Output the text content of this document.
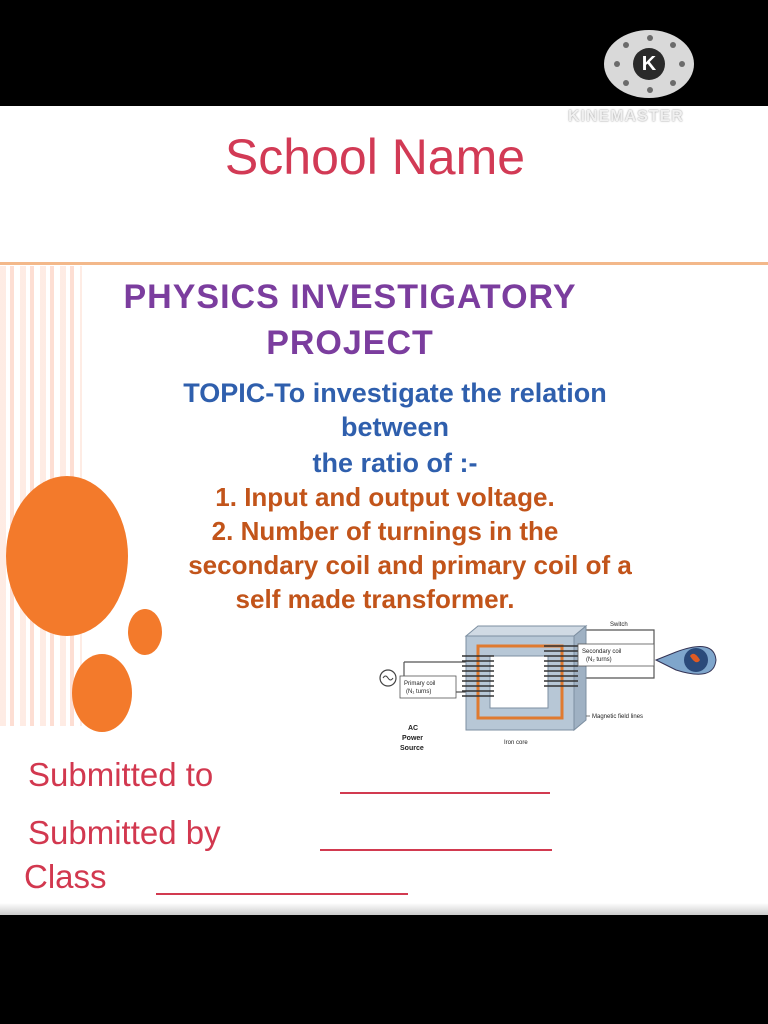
K
School Name
PHYSICS INVESTIGATORY
PROJECT
TOPIC-To investigate the relation
between
the ratio of :-
1. Input and output voltage.
2. Number of turnings in the
secondary coil and primary coil of a
self made transformer.
Primary coil
(N₁ turns)
Secondary coil
(N₂ turns)
Switch
Magnetic field lines
Iron core
AC
Power
Source
Submitted to
Submitted by
Class
KINEMASTER
